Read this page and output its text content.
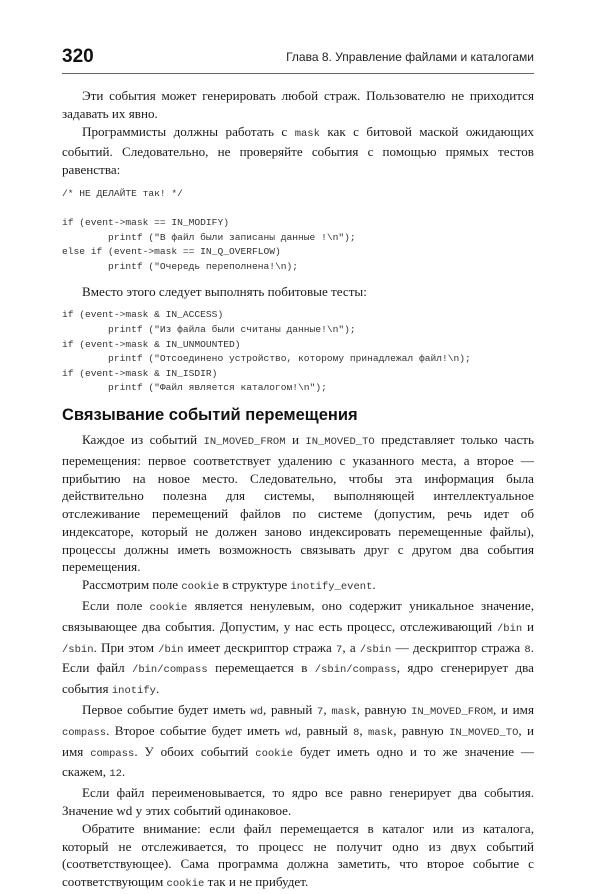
320	Глава 8. Управление файлами и каталогами

Эти события может генерировать любой страж. Пользователю не приходится задавать их явно.

Программисты должны работать с mask как с битовой маской ожидающих событий. Следовательно, не проверяйте события с помощью прямых тестов равенства:

/* НЕ ДЕЛАЙТЕ так! */

if (event->mask == IN_MODIFY)
printf ("В файл были записаны данные !\n");
else if (event->mask == IN_Q_OVERFLOW)
printf ("Очередь переполнена!\n);

Вместо этого следует выполнять побитовые тесты:

if (event->mask & IN_ACCESS)
printf ("Из файла были считаны данные!\n");
if (event->mask & IN_UNMOUNTED)
printf ("Отсоединено устройство, которому принадлежал файл!\n);
if (event->mask & IN_ISDIR)
printf ("Файл является каталогом!\n");
Связывание событий перемещения

Каждое из событий IN_MOVED_FROM и IN_MOVED_TO представляет только часть перемещения: первое соответствует удалению с указанного места, а второе — прибытию на новое место. Следовательно, чтобы эта информация была действительно полезна для системы, выполняющей интеллектуальное отслеживание перемещений файлов по системе (допустим, речь идет об индексаторе, который не должен заново индексировать перемещенные файлы), процессы должны иметь возможность связывать друг с другом два события перемещения.

Рассмотрим поле cookie в структуре inotify_event.

Если поле cookie является ненулевым, оно содержит уникальное значение, связывающее два события. Допустим, у нас есть процесс, отслеживающий /bin и /sbin. При этом /bin имеет дескриптор стража 7, а /sbin — дескриптор стража 8. Если файл /bin/compass перемещается в /sbin/compass, ядро сгенерирует два события inotify.

Первое событие будет иметь wd, равный 7, mask, равную IN_MOVED_FROM, и имя compass. Второе событие будет иметь wd, равный 8, mask, равную IN_MOVED_TO, и имя compass. У обоих событий cookie будет иметь одно и то же значение — скажем, 12.

Если файл переименовывается, то ядро все равно генерирует два события. Значение wd у этих событий одинаковое.

Обратите внимание: если файл перемещается в каталог или из каталога, который не отслеживается, то процесс не получит одно из двух событий (соответствующее). Сама программа должна заметить, что второе событие с соответствующим cookie так и не прибудет.
